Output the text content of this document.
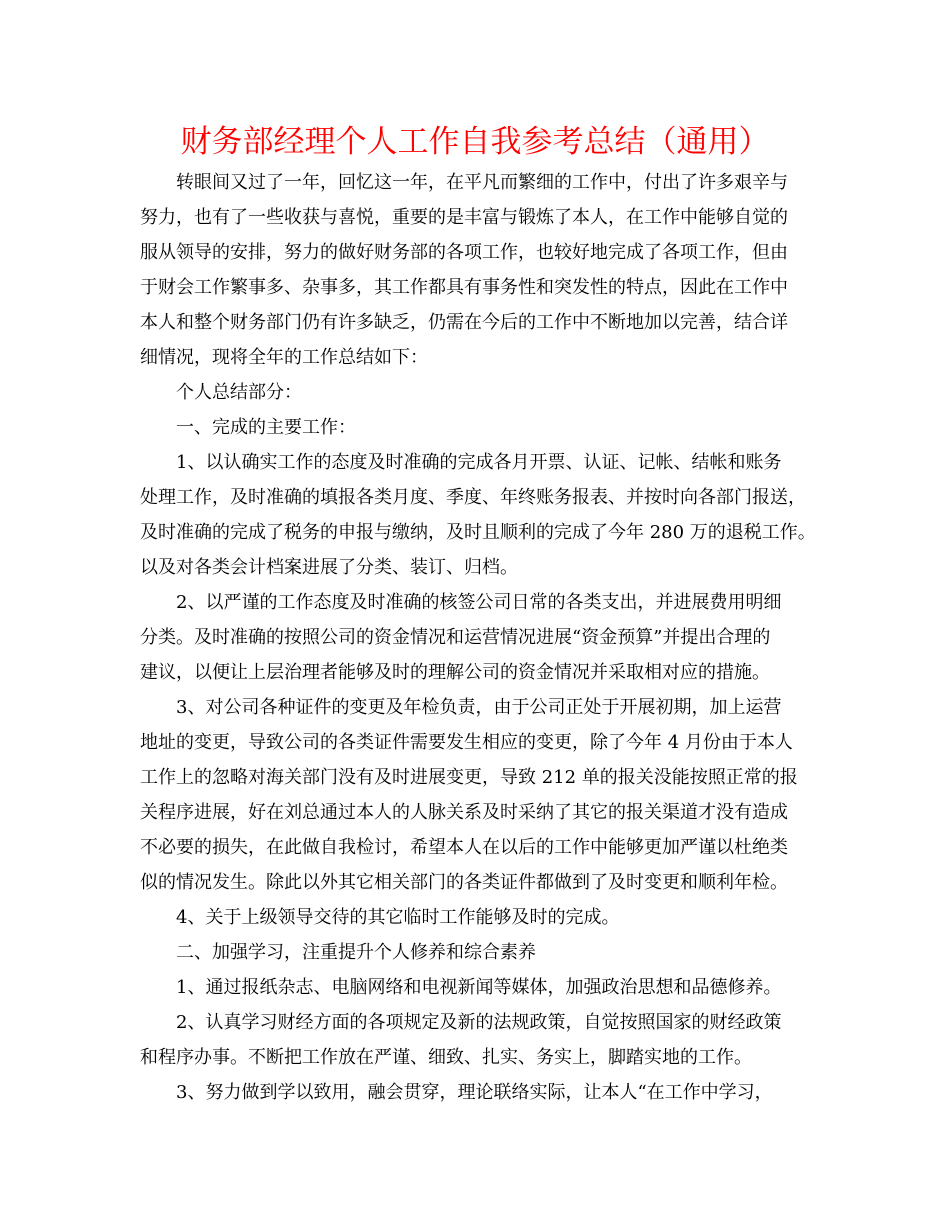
财务部经理个人工作自我参考总结（通用）
转眼间又过了一年，回忆这一年，在平凡而繁细的工作中，付出了许多艰辛与
努力，也有了一些收获与喜悦，重要的是丰富与锻炼了本人，在工作中能够自觉的
服从领导的安排，努力的做好财务部的各项工作，也较好地完成了各项工作，但由
于财会工作繁事多、杂事多，其工作都具有事务性和突发性的特点，因此在工作中
本人和整个财务部门仍有许多缺乏，仍需在今后的工作中不断地加以完善，结合详
细情况，现将全年的工作总结如下：
个人总结部分：
一、完成的主要工作：
1、以认确实工作的态度及时准确的完成各月开票、认证、记帐、结帐和账务
处理工作，及时准确的填报各类月度、季度、年终账务报表、并按时向各部门报送，
及时准确的完成了税务的申报与缴纳，及时且顺利的完成了今年 280 万的退税工作。
以及对各类会计档案进展了分类、装订、归档。
2、以严谨的工作态度及时准确的核签公司日常的各类支出，并进展费用明细
分类。及时准确的按照公司的资金情况和运营情况进展“资金预算”并提出合理的
建议，以便让上层治理者能够及时的理解公司的资金情况并采取相对应的措施。
3、对公司各种证件的变更及年检负责，由于公司正处于开展初期，加上运营
地址的变更，导致公司的各类证件需要发生相应的变更，除了今年 4 月份由于本人
工作上的忽略对海关部门没有及时进展变更，导致 212 单的报关没能按照正常的报
关程序进展，好在刘总通过本人的人脉关系及时采纳了其它的报关渠道才没有造成
不必要的损失，在此做自我检讨，希望本人在以后的工作中能够更加严谨以杜绝类
似的情况发生。除此以外其它相关部门的各类证件都做到了及时变更和顺利年检。
4、关于上级领导交待的其它临时工作能够及时的完成。
二、加强学习，注重提升个人修养和综合素养
1、通过报纸杂志、电脑网络和电视新闻等媒体，加强政治思想和品德修养。
2、认真学习财经方面的各项规定及新的法规政策，自觉按照国家的财经政策
和程序办事。不断把工作放在严谨、细致、扎实、务实上，脚踏实地的工作。
3、努力做到学以致用，融会贯穿，理论联络实际，让本人“在工作中学习，
